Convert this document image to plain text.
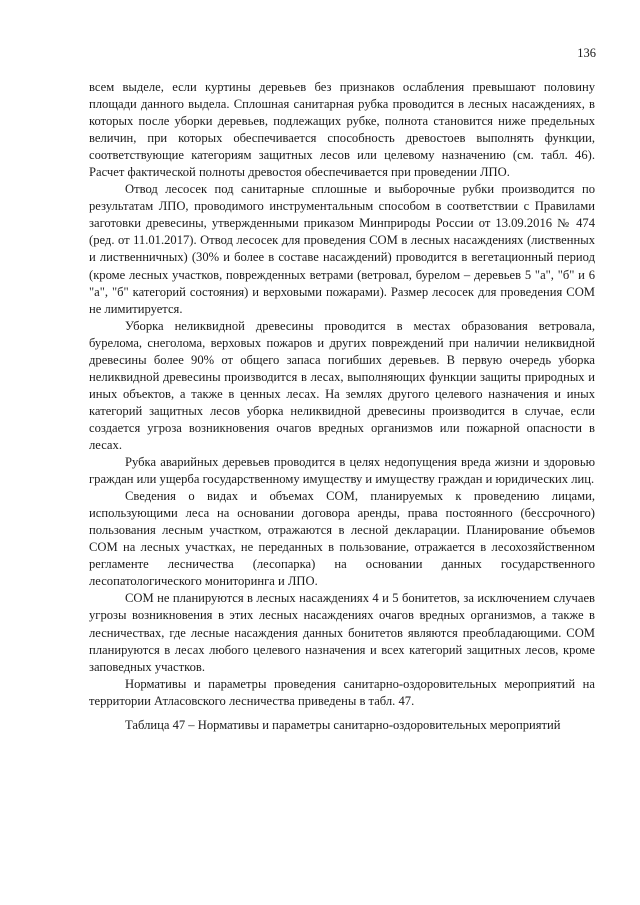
136

всем выделе, если куртины деревьев без признаков ослабления превышают половину площади данного выдела. Сплошная санитарная рубка проводится в лесных насаждениях, в которых после уборки деревьев, подлежащих рубке, полнота становится ниже предельных величин, при которых обеспечивается способность древостоев выполнять функции, соответствующие категориям защитных лесов или целевому назначению (см. табл. 46). Расчет фактической полноты древостоя обеспечивается при проведении ЛПО.

Отвод лесосек под санитарные сплошные и выборочные рубки производится по результатам ЛПО, проводимого инструментальным способом в соответствии с Правилами заготовки древесины, утвержденными приказом Минприроды России от 13.09.2016 № 474 (ред. от 11.01.2017). Отвод лесосек для проведения СОМ в лесных насаждениях (лиственных и лиственничных) (30% и более в составе насаждений) проводится в вегетационный период (кроме лесных участков, поврежденных ветрами (ветровал, бурелом – деревьев 5 "а", "б" и 6 "а", "б" категорий состояния) и верховыми пожарами). Размер лесосек для проведения СОМ не лимитируется.

Уборка неликвидной древесины проводится в местах образования ветровала, бурелома, снеголома, верховых пожаров и других повреждений при наличии неликвидной древесины более 90% от общего запаса погибших деревьев. В первую очередь уборка неликвидной древесины производится в лесах, выполняющих функции защиты природных и иных объектов, а также в ценных лесах. На землях другого целевого назначения и иных категорий защитных лесов уборка неликвидной древесины производится в случае, если создается угроза возникновения очагов вредных организмов или пожарной опасности в лесах.

Рубка аварийных деревьев проводится в целях недопущения вреда жизни и здоровью граждан или ущерба государственному имуществу и имуществу граждан и юридических лиц.

Сведения о видах и объемах СОМ, планируемых к проведению лицами, использующими леса на основании договора аренды, права постоянного (бессрочного) пользования лесным участком, отражаются в лесной декларации. Планирование объемов СОМ на лесных участках, не переданных в пользование, отражается в лесохозяйственном регламенте лесничества (лесопарка) на основании данных государственного лесопатологического мониторинга и ЛПО.

СОМ не планируются в лесных насаждениях 4 и 5 бонитетов, за исключением случаев угрозы возникновения в этих лесных насаждениях очагов вредных организмов, а также в лесничествах, где лесные насаждения данных бонитетов являются преобладающими. СОМ планируются в лесах любого целевого назначения и всех категорий защитных лесов, кроме заповедных участков.

Нормативы и параметры проведения санитарно-оздоровительных мероприятий на территории Атласовского лесничества приведены в табл. 47.

Таблица 47 – Нормативы и параметры санитарно-оздоровительных мероприятий
